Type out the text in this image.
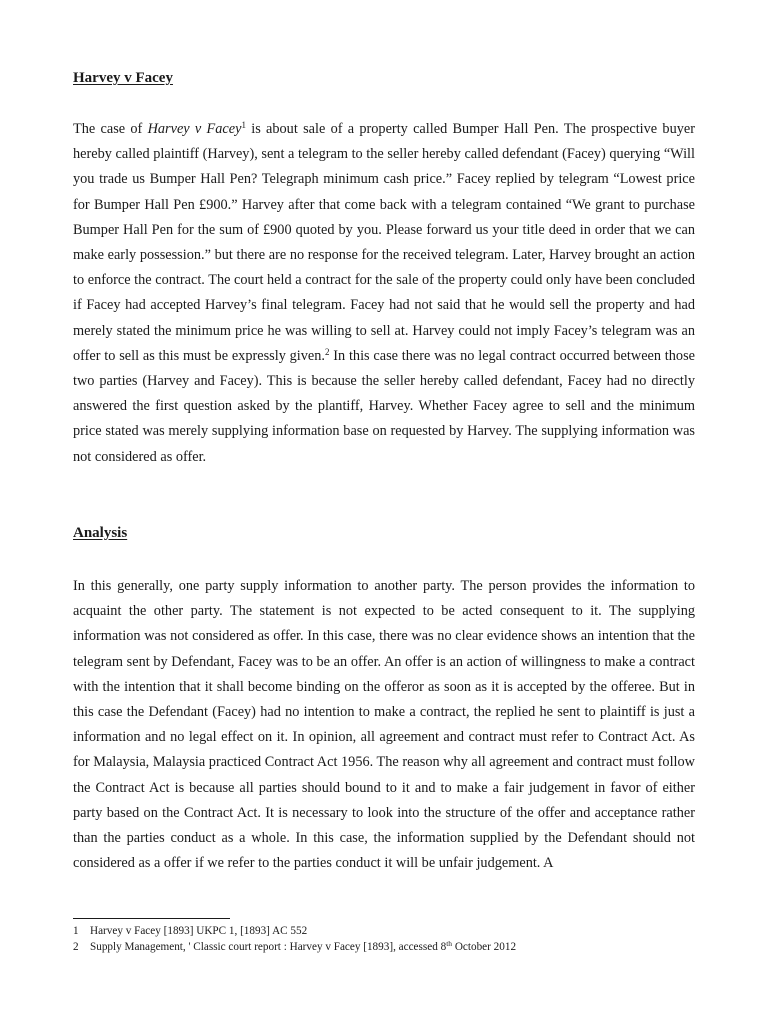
Harvey v Facey

The case of Harvey v Facey$^1$ is about sale of a property called Bumper Hall Pen. The prospective buyer hereby called plaintiff (Harvey), sent a telegram to the seller hereby called defendant (Facey) querying “Will you trade us Bumper Hall Pen? Telegraph minimum cash price.” Facey replied by telegram “Lowest price for Bumper Hall Pen £900.” Harvey after that come back with a telegram contained “We grant to purchase Bumper Hall Pen for the sum of £900 quoted by you. Please forward us your title deed in order that we can make early possession.” but there are no response for the received telegram. Later, Harvey brought an action to enforce the contract. The court held a contract for the sale of the property could only have been concluded if Facey had accepted Harvey’s final telegram. Facey had not said that he would sell the property and had merely stated the minimum price he was willing to sell at. Harvey could not imply Facey’s telegram was an offer to sell as this must be expressly given.$^2$ In this case there was no legal contract occurred between those two parties (Harvey and Facey). This is because the seller hereby called defendant, Facey had no directly answered the first question asked by the plantiff, Harvey. Whether Facey agree to sell and the minimum price stated was merely supplying information base on requested by Harvey. The supplying information was not considered as offer.

Analysis

In this generally, one party supply information to another party. The person provides the information to acquaint the other party. The statement is not expected to be acted consequent to it. The supplying information was not considered as offer. In this case, there was no clear evidence shows an intention that the telegram sent by Defendant, Facey was to be an offer. An offer is an action of willingness to make a contract with the intention that it shall become binding on the offeror as soon as it is accepted by the offeree. But in this case the Defendant (Facey) had no intention to make a contract, the replied he sent to plaintiff is just a information and no legal effect on it. In opinion, all agreement and contract must refer to Contract Act. As for Malaysia, Malaysia practiced Contract Act 1956. The reason why all agreement and contract must follow the Contract Act is because all parties should bound to it and to make a fair judgement in favor of either party based on the Contract Act. It is necessary to look into the structure of the offer and acceptance rather than the parties conduct as a whole. In this case, the information supplied by the Defendant should not considered as a offer if we refer to the parties conduct it will be unfair judgement. A

1 Harvey v Facey [1893] UKPC 1, [1893] AC 552
2 Supply Management, ' Classic court report : Harvey v Facey [1893], accessed 8th October 2012
